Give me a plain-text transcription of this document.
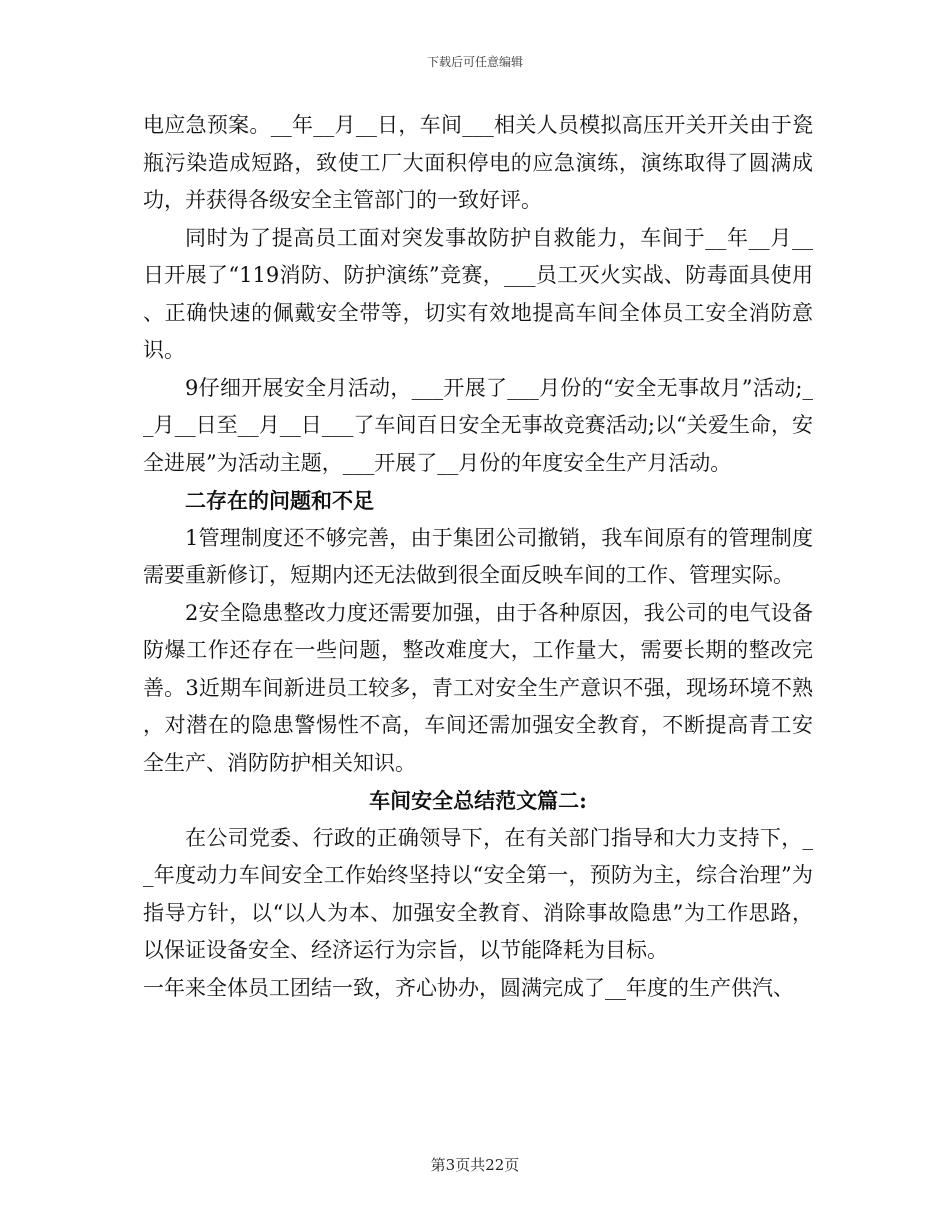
下载后可任意编辑

电应急预案。__年__月__日，车间___相关人员模拟高压开关开关由于瓷瓶污染造成短路，致使工厂大面积停电的应急演练，演练取得了圆满成功，并获得各级安全主管部门的一致好评。

同时为了提高员工面对突发事故防护自救能力，车间于__年__月__日开展了“119消防、防护演练”竞赛，___员工灭火实战、防毒面具使用、正确快速的佩戴安全带等，切实有效地提高车间全体员工安全消防意识。

9仔细开展安全月活动，___开展了___月份的“安全无事故月”活动;__月__日至__月__日___了车间百日安全无事故竞赛活动;以“关爱生命，安全进展”为活动主题，___开展了__月份的年度安全生产月活动。

二存在的问题和不足

1管理制度还不够完善，由于集团公司撤销，我车间原有的管理制度需要重新修订，短期内还无法做到很全面反映车间的工作、管理实际。

2安全隐患整改力度还需要加强，由于各种原因，我公司的电气设备防爆工作还存在一些问题，整改难度大，工作量大，需要长期的整改完善。3近期车间新进员工较多，青工对安全生产意识不强，现场环境不熟，对潜在的隐患警惕性不高，车间还需加强安全教育，不断提高青工安全生产、消防防护相关知识。

车间安全总结范文篇二:

在公司党委、行政的正确领导下，在有关部门指导和大力支持下，__年度动力车间安全工作始终坚持以“安全第一，预防为主，综合治理”为指导方针，以“以人为本、加强安全教育、消除事故隐患”为工作思路，以保证设备安全、经济运行为宗旨，以节能降耗为目标。

一年来全体员工团结一致，齐心协办，圆满完成了__年度的生产供汽、

第3页共22页
